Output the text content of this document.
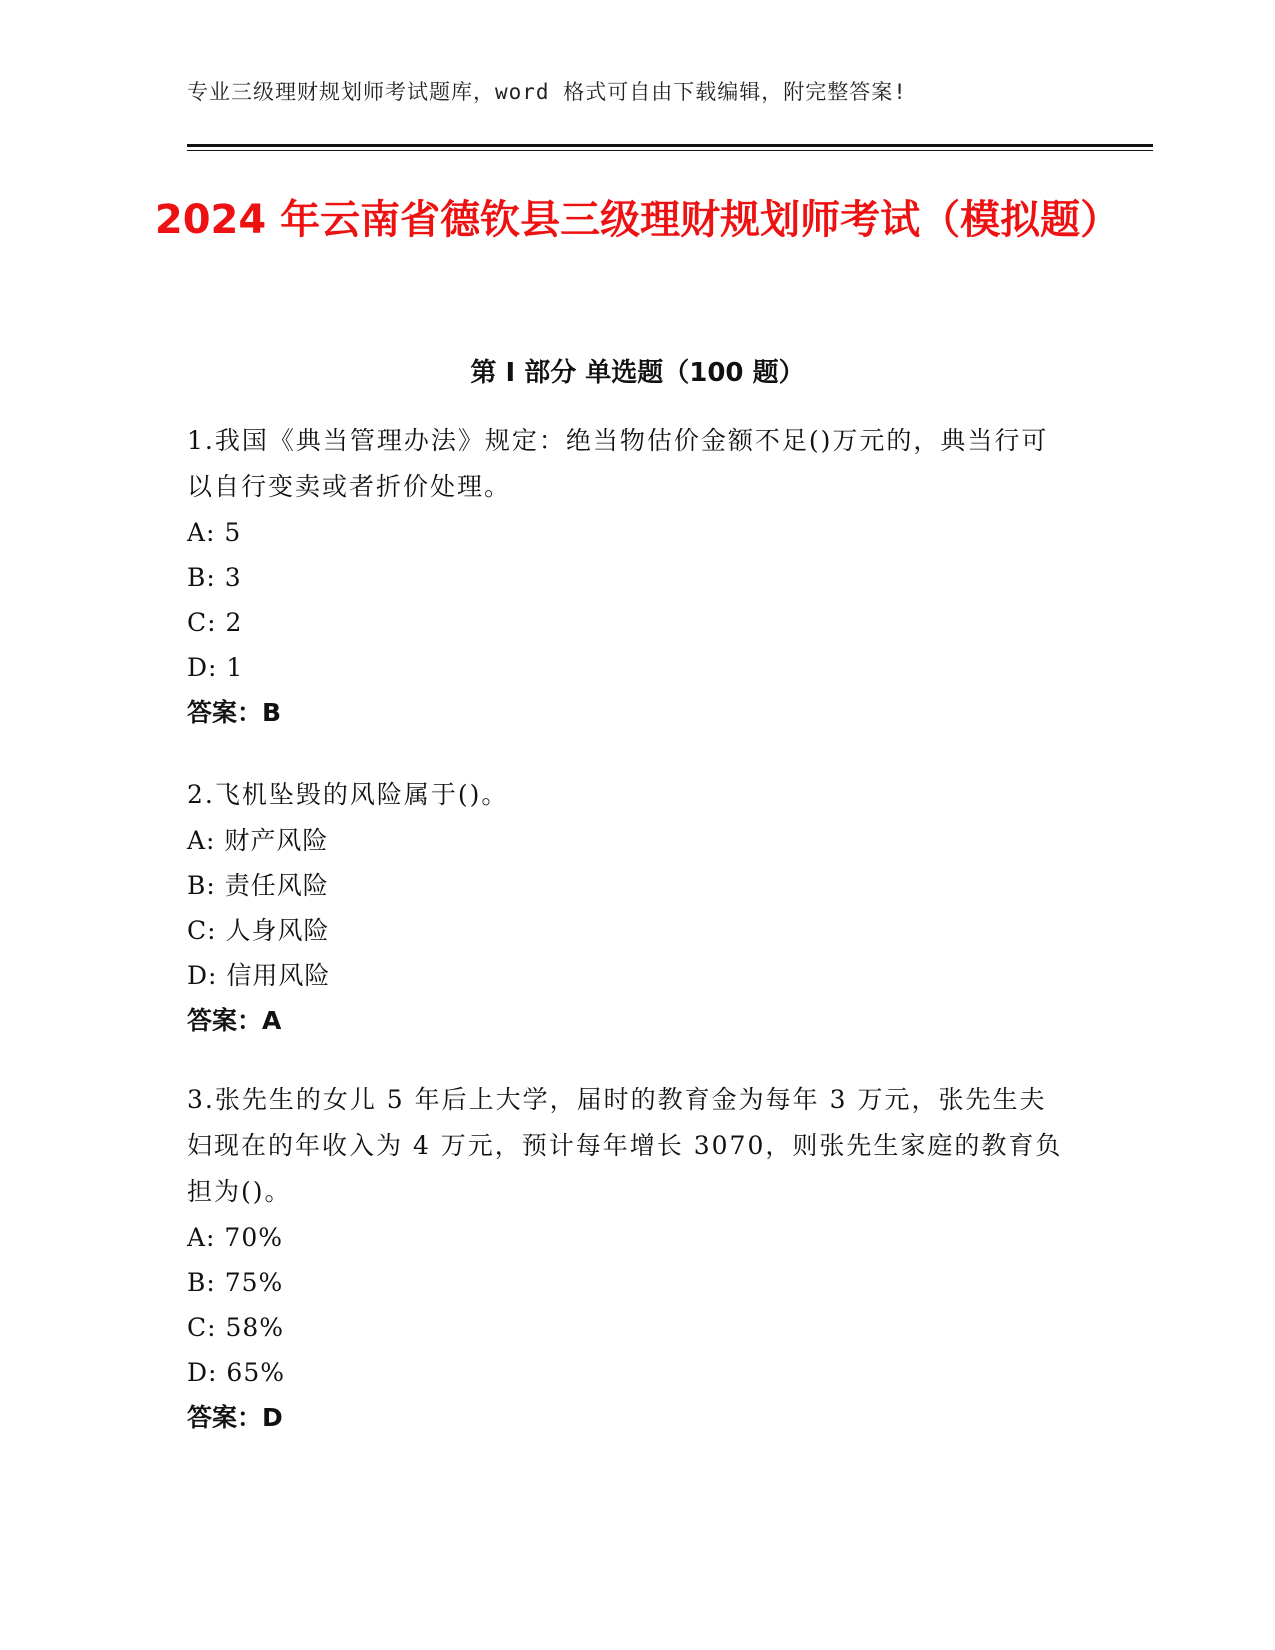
专业三级理财规划师考试题库，word 格式可自由下载编辑，附完整答案!
2024 年云南省德钦县三级理财规划师考试（模拟题）
第 I 部分 单选题（100 题）

1.我国《典当管理办法》规定：绝当物估价金额不足()万元的，典当行可以自行变卖或者折价处理。

A: 5

B: 3

C: 2

D: 1

答案：B

2.飞机坠毁的风险属于()。

A: 财产风险

B: 责任风险

C: 人身风险

D: 信用风险

答案：A

3.张先生的女儿 5 年后上大学，届时的教育金为每年 3 万元，张先生夫妇现在的年收入为 4 万元，预计每年增长 3070，则张先生家庭的教育负担为()。

A: 70%

B: 75%

C: 58%

D: 65%

答案：D
